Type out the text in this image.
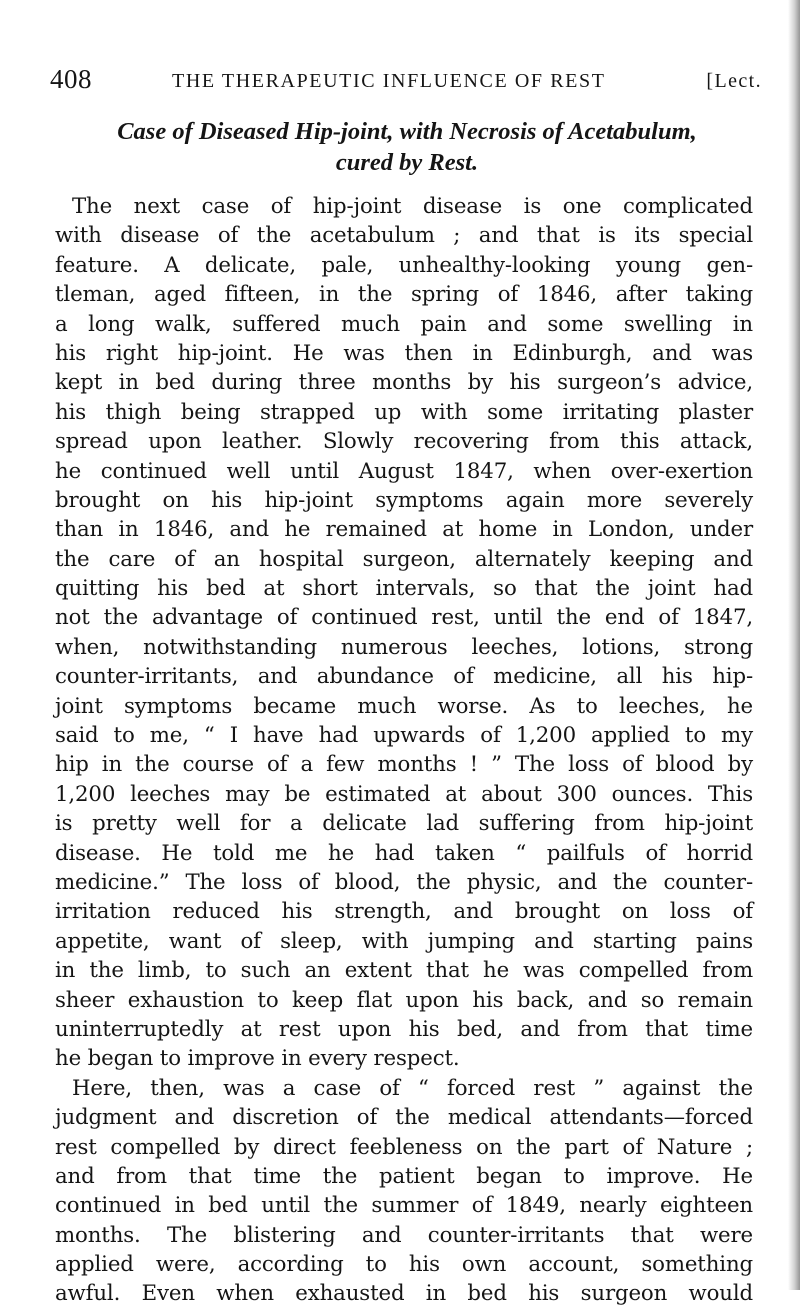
408	THE THERAPEUTIC INFLUENCE OF REST	[Lect.
Case of Diseased Hip-joint, with Necrosis of Acetabulum,
cured by Rest.
The next case of hip-joint disease is one complicated
with disease of the acetabulum ; and that is its special
feature. A delicate, pale, unhealthy-looking young gen-
tleman, aged fifteen, in the spring of 1846, after taking
a long walk, suffered much pain and some swelling in
his right hip-joint. He was then in Edinburgh, and was
kept in bed during three months by his surgeon’s advice,
his thigh being strapped up with some irritating plaster
spread upon leather. Slowly recovering from this attack,
he continued well until August 1847, when over-exertion
brought on his hip-joint symptoms again more severely
than in 1846, and he remained at home in London, under
the care of an hospital surgeon, alternately keeping and
quitting his bed at short intervals, so that the joint had
not the advantage of continued rest, until the end of 1847,
when, notwithstanding numerous leeches, lotions, strong
counter-irritants, and abundance of medicine, all his hip-
joint symptoms became much worse. As to leeches, he
said to me, “ I have had upwards of 1,200 applied to my
hip in the course of a few months ! ” The loss of blood by
1,200 leeches may be estimated at about 300 ounces. This
is pretty well for a delicate lad suffering from hip-joint
disease. He told me he had taken “ pailfuls of horrid
medicine.” The loss of blood, the physic, and the counter-
irritation reduced his strength, and brought on loss of
appetite, want of sleep, with jumping and starting pains
in the limb, to such an extent that he was compelled from
sheer exhaustion to keep flat upon his back, and so remain
uninterruptedly at rest upon his bed, and from that time
he began to improve in every respect.
Here, then, was a case of “ forced rest ” against the
judgment and discretion of the medical attendants—forced
rest compelled by direct feebleness on the part of Nature ;
and from that time the patient began to improve. He
continued in bed until the summer of 1849, nearly eighteen
months. The blistering and counter-irritants that were
applied were, according to his own account, something
awful. Even when exhausted in bed his surgeon would
